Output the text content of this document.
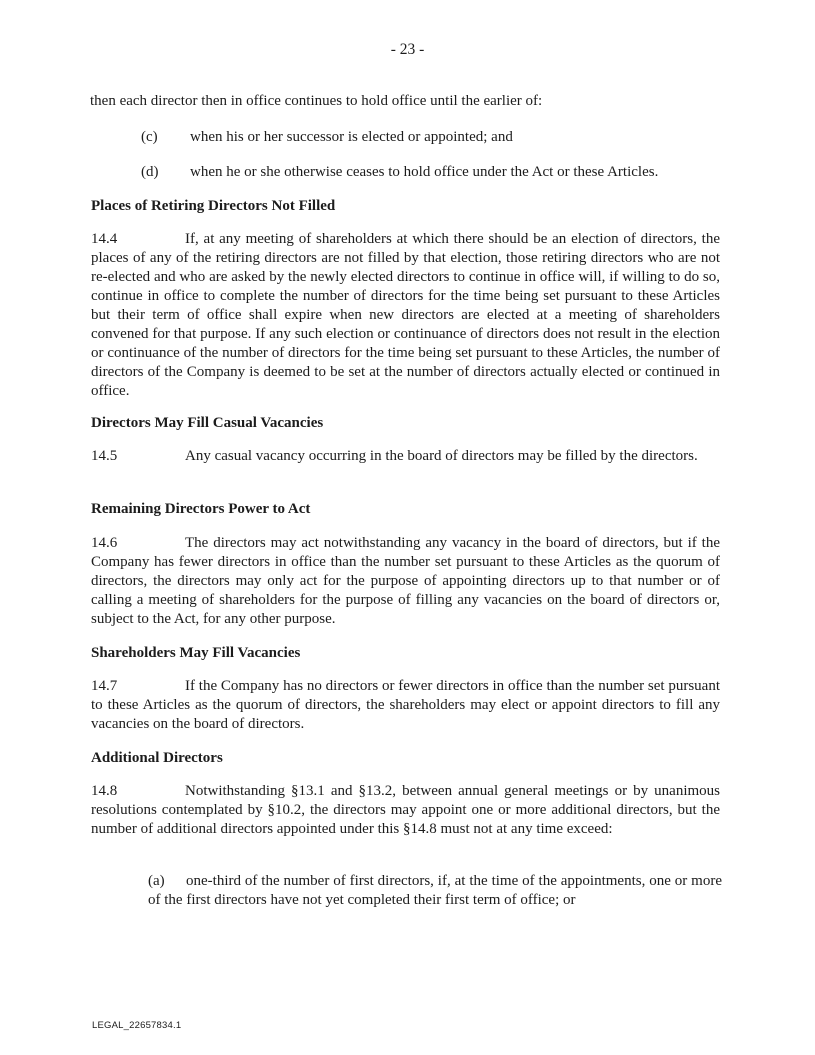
- 23 -
then each director then in office continues to hold office until the earlier of:
(c) when his or her successor is elected or appointed; and
(d) when he or she otherwise ceases to hold office under the Act or these Articles.
Places of Retiring Directors Not Filled
14.4	If, at any meeting of shareholders at which there should be an election of directors, the places of any of the retiring directors are not filled by that election, those retiring directors who are not re-elected and who are asked by the newly elected directors to continue in office will, if willing to do so, continue in office to complete the number of directors for the time being set pursuant to these Articles but their term of office shall expire when new directors are elected at a meeting of shareholders convened for that purpose. If any such election or continuance of directors does not result in the election or continuance of the number of directors for the time being set pursuant to these Articles, the number of directors of the Company is deemed to be set at the number of directors actually elected or continued in office.
Directors May Fill Casual Vacancies
14.5	Any casual vacancy occurring in the board of directors may be filled by the directors.
Remaining Directors Power to Act
14.6	The directors may act notwithstanding any vacancy in the board of directors, but if the Company has fewer directors in office than the number set pursuant to these Articles as the quorum of directors, the directors may only act for the purpose of appointing directors up to that number or of calling a meeting of shareholders for the purpose of filling any vacancies on the board of directors or, subject to the Act, for any other purpose.
Shareholders May Fill Vacancies
14.7	If the Company has no directors or fewer directors in office than the number set pursuant to these Articles as the quorum of directors, the shareholders may elect or appoint directors to fill any vacancies on the board of directors.
Additional Directors
14.8	Notwithstanding §13.1 and §13.2, between annual general meetings or by unanimous resolutions contemplated by §10.2, the directors may appoint one or more additional directors, but the number of additional directors appointed under this §14.8 must not at any time exceed:
(a) one-third of the number of first directors, if, at the time of the appointments, one or more of the first directors have not yet completed their first term of office; or
LEGAL_22657834.1
